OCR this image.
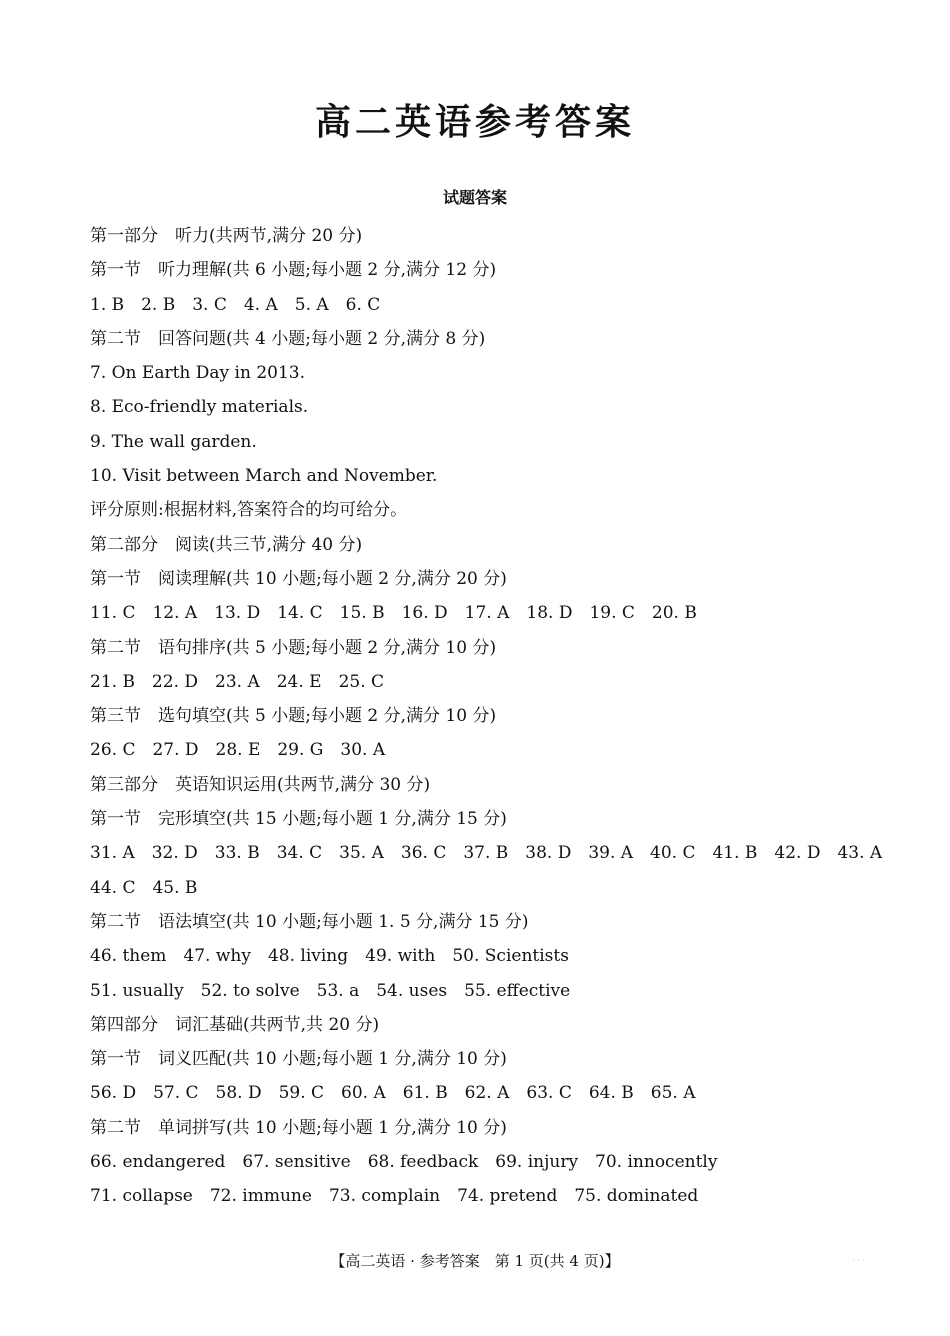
高二英语参考答案
试题答案
第一部分　听力(共两节,满分 20 分)
第一节　听力理解(共 6 小题;每小题 2 分,满分 12 分)
1. B　2. B　3. C　4. A　5. A　6. C
第二节　回答问题(共 4 小题;每小题 2 分,满分 8 分)
7. On Earth Day in 2013.
8. Eco-friendly materials.
9. The wall garden.
10. Visit between March and November.
评分原则:根据材料,答案符合的均可给分。
第二部分　阅读(共三节,满分 40 分)
第一节　阅读理解(共 10 小题;每小题 2 分,满分 20 分)
11. C　12. A　13. D　14. C　15. B　16. D　17. A　18. D　19. C　20. B
第二节　语句排序(共 5 小题;每小题 2 分,满分 10 分)
21. B　22. D　23. A　24. E　25. C
第三节　选句填空(共 5 小题;每小题 2 分,满分 10 分)
26. C　27. D　28. E　29. G　30. A
第三部分　英语知识运用(共两节,满分 30 分)
第一节　完形填空(共 15 小题;每小题 1 分,满分 15 分)
31. A　32. D　33. B　34. C　35. A　36. C　37. B　38. D　39. A　40. C　41. B　42. D　43. A
44. C　45. B
第二节　语法填空(共 10 小题;每小题 1. 5 分,满分 15 分)
46. them　47. why　48. living　49. with　50. Scientists
51. usually　52. to solve　53. a　54. uses　55. effective
第四部分　词汇基础(共两节,共 20 分)
第一节　词义匹配(共 10 小题;每小题 1 分,满分 10 分)
56. D　57. C　58. D　59. C　60. A　61. B　62. A　63. C　64. B　65. A
第二节　单词拼写(共 10 小题;每小题 1 分,满分 10 分)
66. endangered　67. sensitive　68. feedback　69. injury　70. innocently
71. collapse　72. immune　73. complain　74. pretend　75. dominated
【高二英语 · 参考答案　第 1 页(共 4 页)】	· · ·
